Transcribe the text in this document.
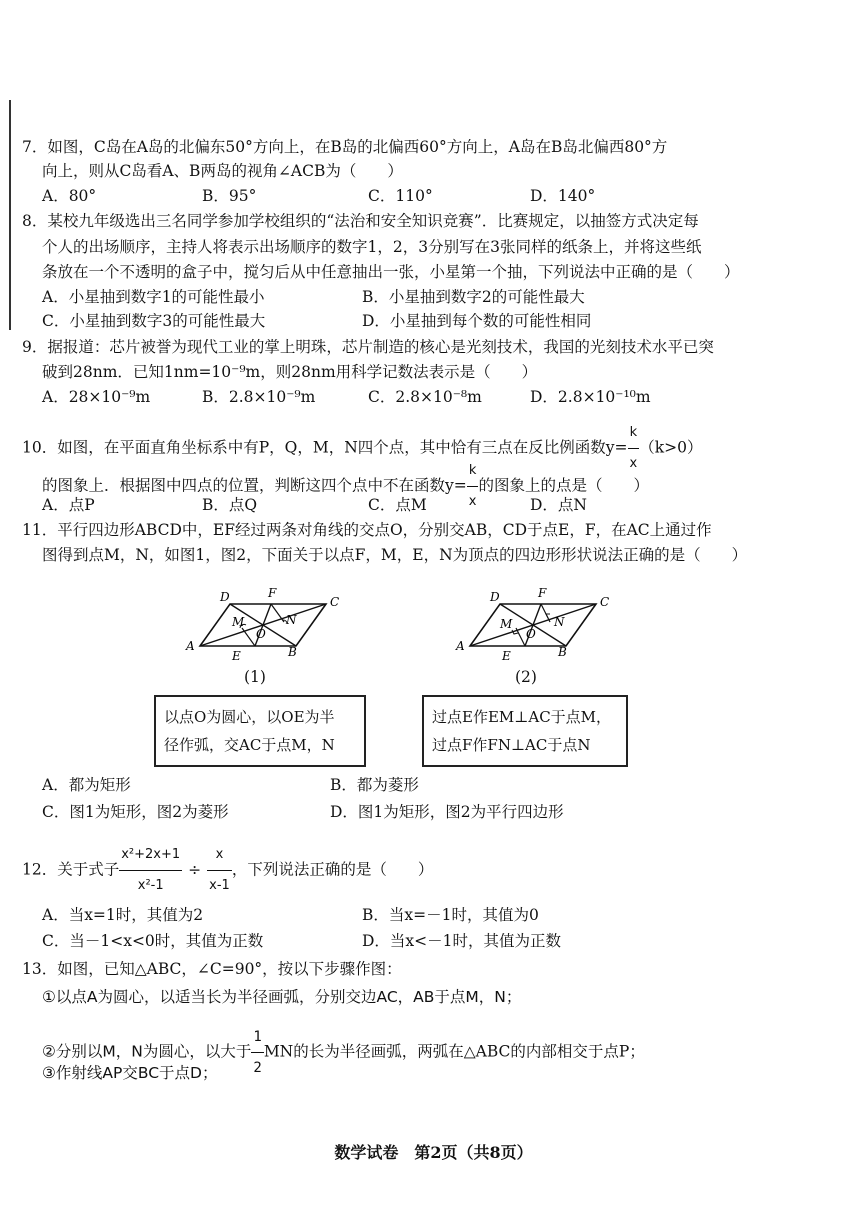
7．如图，C岛在A岛的北偏东50°方向上，在B岛的北偏西60°方向上，A岛在B岛北偏西80°方
向上，则从C岛看A、B两岛的视角∠ACB为（　　）
A．80°	B．95°	C．110°	D．140°
8．某校九年级选出三名同学参加学校组织的“法治和安全知识竞赛”．比赛规定，以抽签方式决定每
个人的出场顺序，主持人将表示出场顺序的数字1，2，3分别写在3张同样的纸条上，并将这些纸
条放在一个不透明的盒子中，搅匀后从中任意抽出一张，小星第一个抽，下列说法中正确的是（　　）
A．小星抽到数字1的可能性最小	B．小星抽到数字2的可能性最大
C．小星抽到数字3的可能性最大	D．小星抽到每个数的可能性相同
9．据报道：芯片被誉为现代工业的掌上明珠，芯片制造的核心是光刻技术，我国的光刻技术水平已突
破到28nm．已知1nm=10⁻⁹m，则28nm用科学记数法表示是（　　）
A．28×10⁻⁹m	B．2.8×10⁻⁹m	C．2.8×10⁻⁸m	D．2.8×10⁻¹⁰m
10．如图，在平面直角坐标系中有P，Q，M，N四个点，其中恰有三点在反比例函数$y= \frac{k}{x} (k>0)$
的图象上．根据图中四点的位置，判断这四个点中不在函数$y= \frac{k}{x}$ 的图象上的点是（　　）
A．点P	B．点Q	C．点M	D．点N
11．平行四边形ABCD中，EF经过两条对角线的交点O，分别交AB，CD于点E，F，在AC上通过作
图得到点M，N，如图1，图2，下面关于以点F，M，E，N为顶点的四边形形状说法正确的是（　　）
D	F
C
M	N
O
A
E	B
(1)
D	F
C
M	N
O
A
E	B
(2)
以点O为圆心，以OE为半
径作弧，交AC于点M，N
过点E作EM⊥AC于点M，
过点F作FN⊥AC于点N
A．都为矩形	B．都为菱形
C．图1为矩形，图2为菱形	D．图1为矩形，图2为平行四边形
12．关于式子 $\frac{\text{x²+2x+1}}{\text{x²-1}} \div \frac{x}{x-1}$ ，下列说法正确的是（　　）
A．当x=1时，其值为2	B．当x=－1时，其值为0
C．当－1<x<0时，其值为正数	D．当x<－1时，其值为正数
13．如图，已知△ABC，∠C=90°，按以下步骤作图：
①以点A为圆心，以适当长为半径画弧，分别交边AC，AB于点M，N；
②分别以M，N为圆心，以大于 $\frac{1}{2}$ MN的长为半径画弧，两弧在△ABC的内部相交于点P；
③作射线AP交BC于点D；
数学试卷　第2页（共8页）
